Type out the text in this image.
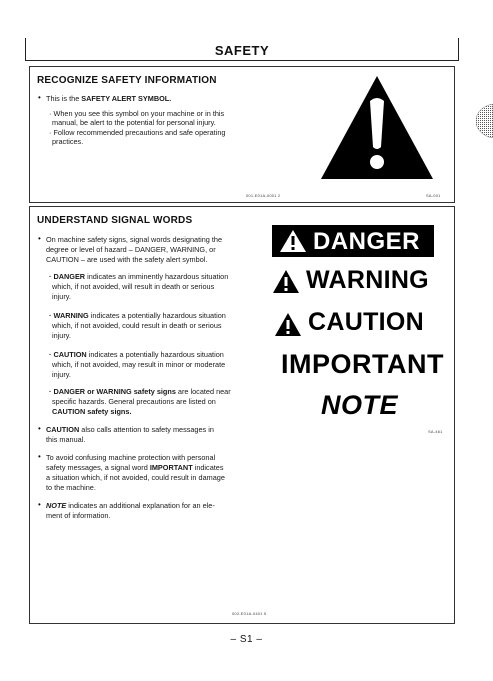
SAFETY
RECOGNIZE SAFETY INFORMATION
• This is the SAFETY ALERT SYMBOL.
· When you see this symbol on your machine or in this
manual, be alert to the potential for personal injury.
· Follow recommended precautions and safe operating
practices.
001-E01A-0001 2	SA-001
UNDERSTAND SIGNAL WORDS
• On machine safety signs, signal words designating the
degree or level of hazard – DANGER, WARNING, or
CAUTION – are used with the safety alert symbol.
· DANGER indicates an imminently hazardous situation
which, if not avoided, will result in death or serious
injury.
· WARNING indicates a potentially hazardous situation
which, if not avoided, could result in death or serious
injury.
· CAUTION indicates a potentially hazardous situation
which, if not avoided, may result in minor or moderate
injury.
· DANGER or WARNING safety signs are located near
specific hazards. General precautions are listed on
CAUTION safety signs.
• CAUTION also calls attention to safety messages in
this manual.
• To avoid confusing machine protection with personal
safety messages, a signal word IMPORTANT indicates
a situation which, if not avoided, could result in damage
to the machine.
• NOTE indicates an additional explanation for an ele-
ment of information.
DANGER
WARNING
CAUTION
IMPORTANT
NOTE
SA-461
002-E01A-0401 5
– S1 –
